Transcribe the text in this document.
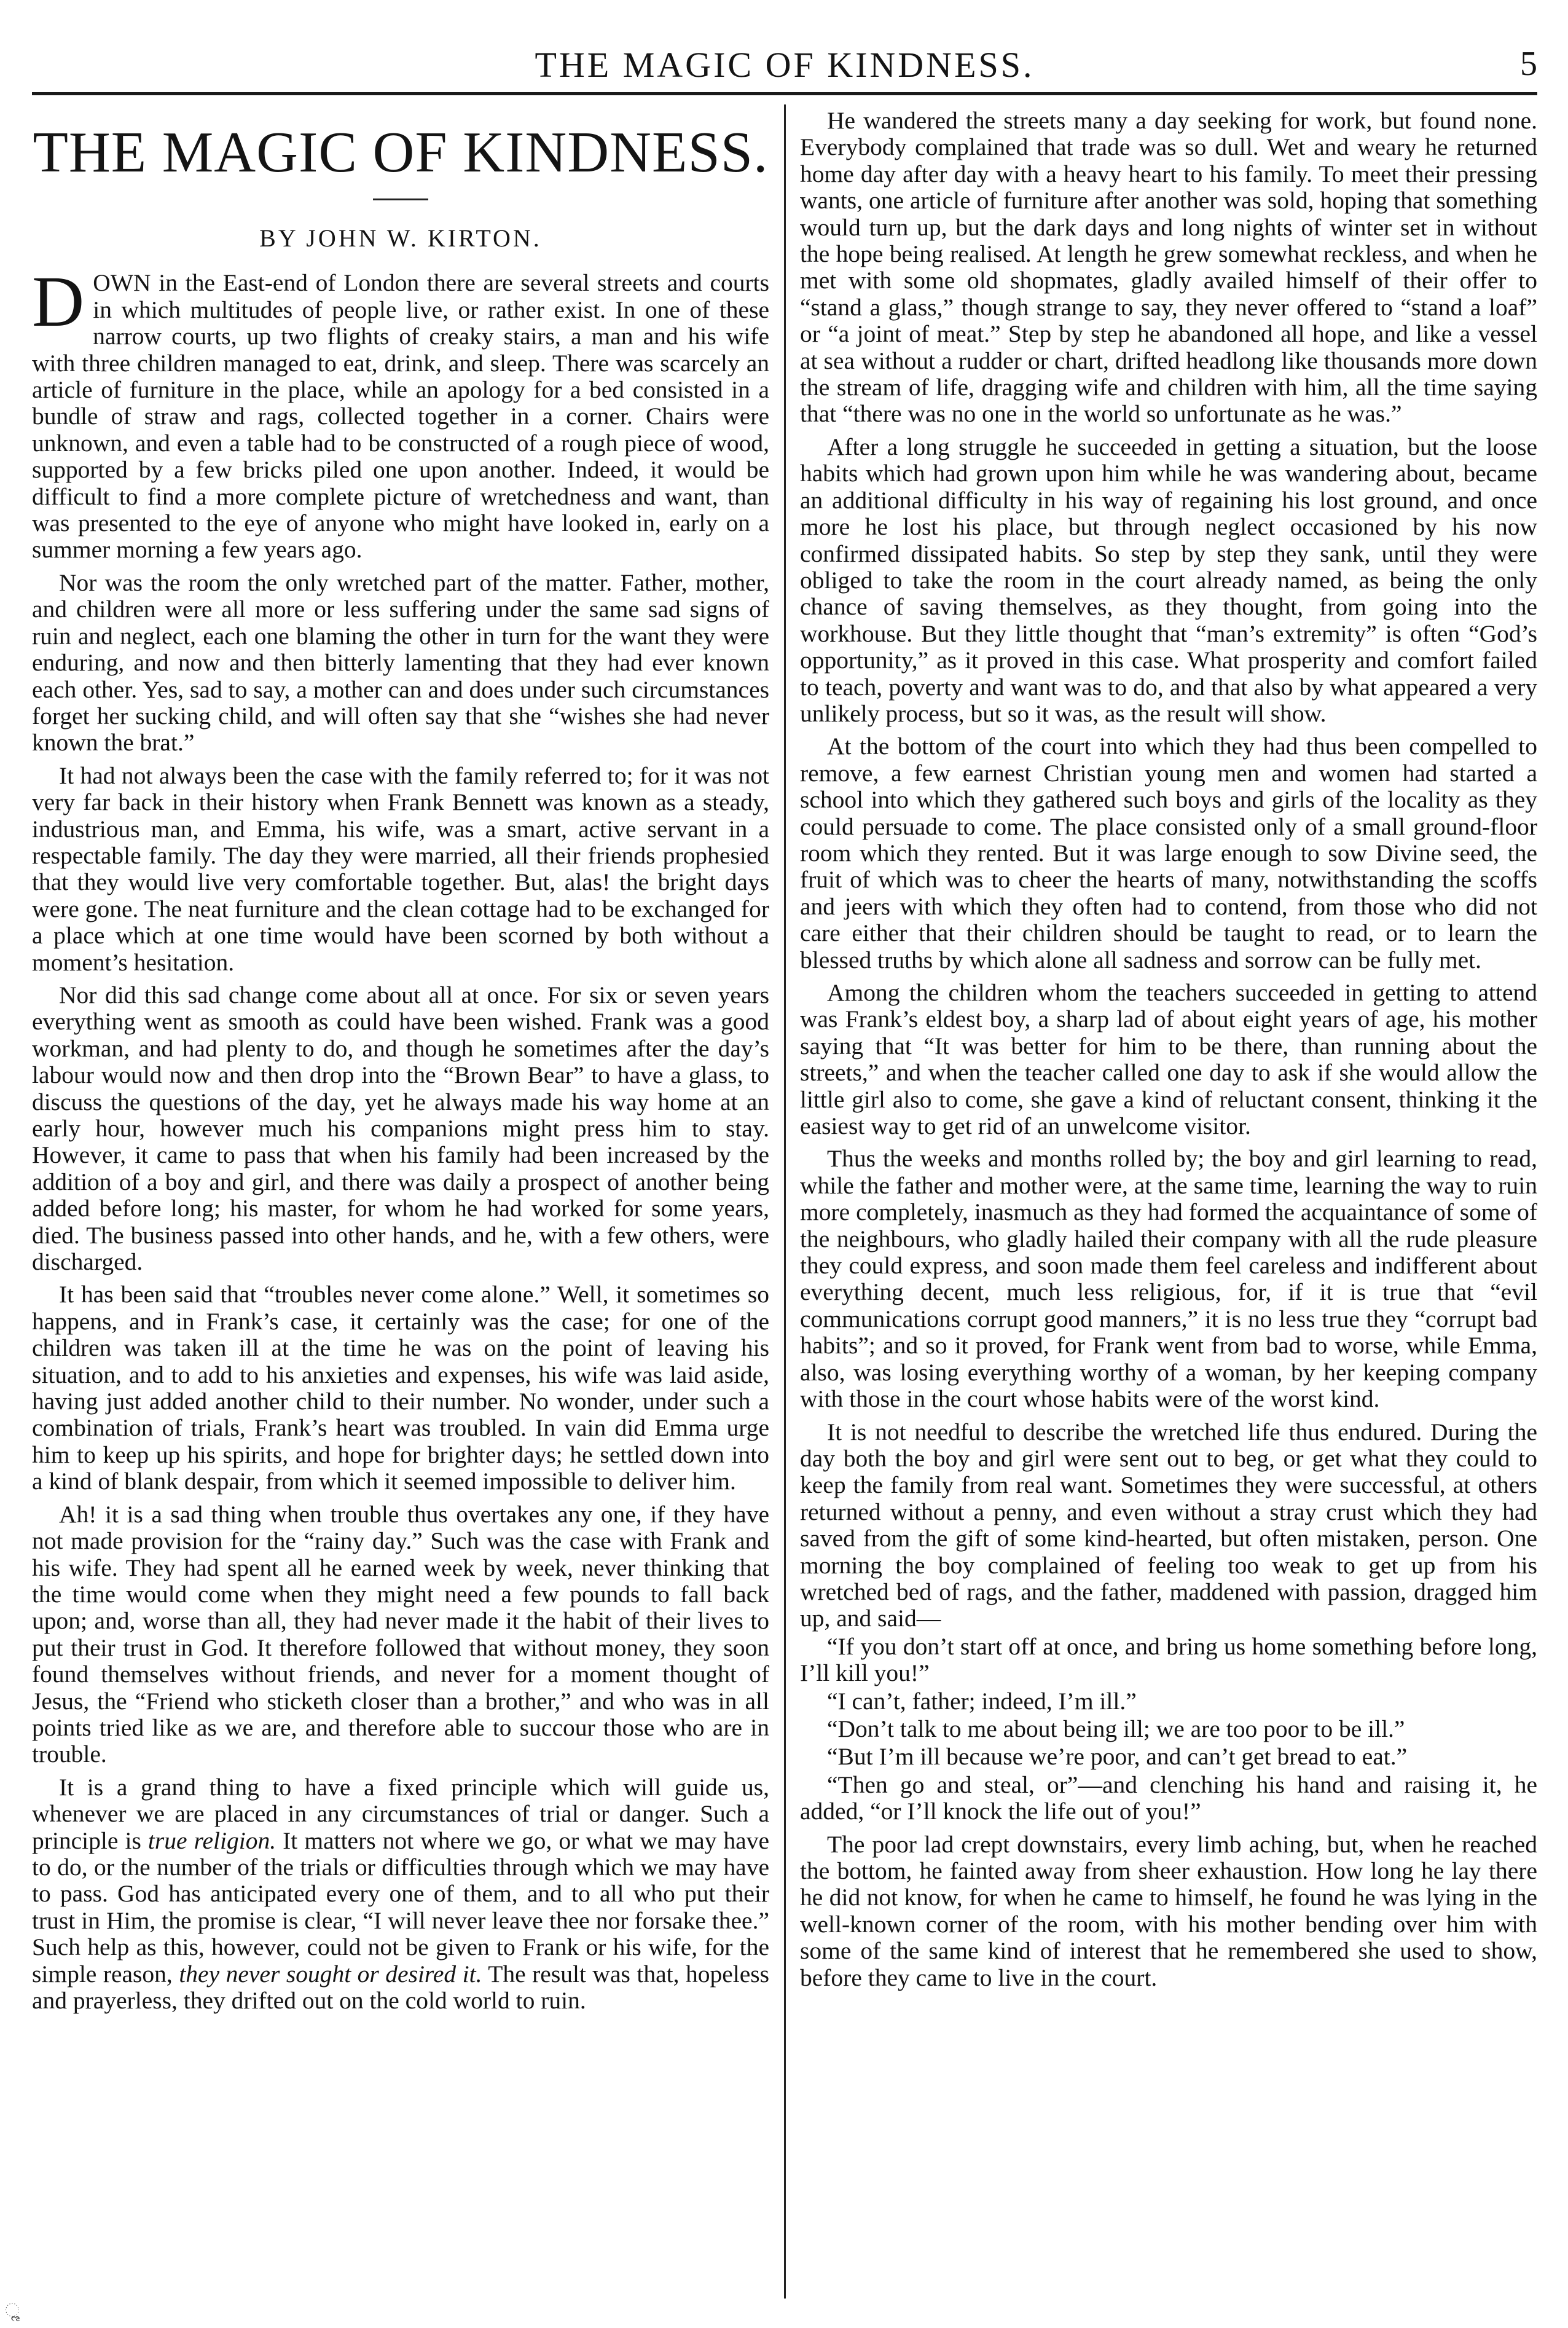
THE MAGIC OF KINDNESS.	5
THE MAGIC OF KINDNESS.
BY JOHN W. KIRTON.

DOWN in the East-end of London there are several streets and courts in which multitudes of people live, or rather exist. In one of these narrow courts, up two flights of creaky stairs, a man and his wife with three children managed to eat, drink, and sleep. There was scarcely an article of furniture in the place, while an apology for a bed consisted in a bundle of straw and rags, collected together in a corner. Chairs were unknown, and even a table had to be constructed of a rough piece of wood, supported by a few bricks piled one upon another. Indeed, it would be difficult to find a more complete picture of wretchedness and want, than was presented to the eye of anyone who might have looked in, early on a summer morning a few years ago.

Nor was the room the only wretched part of the matter. Father, mother, and children were all more or less suffering under the same sad signs of ruin and neglect, each one blaming the other in turn for the want they were enduring, and now and then bitterly lamenting that they had ever known each other. Yes, sad to say, a mother can and does under such circumstances forget her sucking child, and will often say that she “wishes she had never known the brat.”

It had not always been the case with the family referred to; for it was not very far back in their history when Frank Bennett was known as a steady, industrious man, and Emma, his wife, was a smart, active servant in a respectable family. The day they were married, all their friends prophesied that they would live very comfortable together. But, alas! the bright days were gone. The neat furniture and the clean cottage had to be exchanged for a place which at one time would have been scorned by both without a moment’s hesitation.

Nor did this sad change come about all at once. For six or seven years everything went as smooth as could have been wished. Frank was a good workman, and had plenty to do, and though he sometimes after the day’s labour would now and then drop into the “Brown Bear” to have a glass, to discuss the questions of the day, yet he always made his way home at an early hour, however much his companions might press him to stay. However, it came to pass that when his family had been increased by the addition of a boy and girl, and there was daily a prospect of another being added before long; his master, for whom he had worked for some years, died. The business passed into other hands, and he, with a few others, were discharged.

It has been said that “troubles never come alone.” Well, it sometimes so happens, and in Frank’s case, it certainly was the case; for one of the children was taken ill at the time he was on the point of leaving his situation, and to add to his anxieties and expenses, his wife was laid aside, having just added another child to their number. No wonder, under such a combination of trials, Frank’s heart was troubled. In vain did Emma urge him to keep up his spirits, and hope for brighter days; he settled down into a kind of blank despair, from which it seemed impossible to deliver him.

Ah! it is a sad thing when trouble thus overtakes any one, if they have not made provision for the “rainy day.” Such was the case with Frank and his wife. They had spent all he earned week by week, never thinking that the time would come when they might need a few pounds to fall back upon; and, worse than all, they had never made it the habit of their lives to put their trust in God. It therefore followed that without money, they soon found themselves without friends, and never for a moment thought of Jesus, the “Friend who sticketh closer than a brother,” and who was in all points tried like as we are, and therefore able to succour those who are in trouble.

It is a grand thing to have a fixed principle which will guide us, whenever we are placed in any circumstances of trial or danger. Such a principle is true religion. It matters not where we go, or what we may have to do, or the number of the trials or difficulties through which we may have to pass. God has anticipated every one of them, and to all who put their trust in Him, the promise is clear, “I will never leave thee nor forsake thee.” Such help as this, however, could not be given to Frank or his wife, for the simple reason, they never sought or desired it. The result was that, hopeless and prayerless, they drifted out on the cold world to ruin.

He wandered the streets many a day seeking for work, but found none. Everybody complained that trade was so dull. Wet and weary he returned home day after day with a heavy heart to his family. To meet their pressing wants, one article of furniture after another was sold, hoping that something would turn up, but the dark days and long nights of winter set in without the hope being realised. At length he grew somewhat reckless, and when he met with some old shopmates, gladly availed himself of their offer to “stand a glass,” though strange to say, they never offered to “stand a loaf” or “a joint of meat.” Step by step he abandoned all hope, and like a vessel at sea without a rudder or chart, drifted headlong like thousands more down the stream of life, dragging wife and children with him, all the time saying that “there was no one in the world so unfortunate as he was.”

After a long struggle he succeeded in getting a situation, but the loose habits which had grown upon him while he was wandering about, became an additional difficulty in his way of regaining his lost ground, and once more he lost his place, but through neglect occasioned by his now confirmed dissipated habits. So step by step they sank, until they were obliged to take the room in the court already named, as being the only chance of saving themselves, as they thought, from going into the workhouse. But they little thought that “man’s extremity” is often “God’s opportunity,” as it proved in this case. What prosperity and comfort failed to teach, poverty and want was to do, and that also by what appeared a very unlikely process, but so it was, as the result will show.

At the bottom of the court into which they had thus been compelled to remove, a few earnest Christian young men and women had started a school into which they gathered such boys and girls of the locality as they could persuade to come. The place consisted only of a small ground-floor room which they rented. But it was large enough to sow Divine seed, the fruit of which was to cheer the hearts of many, notwithstanding the scoffs and jeers with which they often had to contend, from those who did not care either that their children should be taught to read, or to learn the blessed truths by which alone all sadness and sorrow can be fully met.

Among the children whom the teachers succeeded in getting to attend was Frank’s eldest boy, a sharp lad of about eight years of age, his mother saying that “It was better for him to be there, than running about the streets,” and when the teacher called one day to ask if she would allow the little girl also to come, she gave a kind of reluctant consent, thinking it the easiest way to get rid of an unwelcome visitor.

Thus the weeks and months rolled by; the boy and girl learning to read, while the father and mother were, at the same time, learning the way to ruin more completely, inasmuch as they had formed the acquaintance of some of the neighbours, who gladly hailed their company with all the rude pleasure they could express, and soon made them feel careless and indifferent about everything decent, much less religious, for, if it is true that “evil communications corrupt good manners,” it is no less true they “corrupt bad habits”; and so it proved, for Frank went from bad to worse, while Emma, also, was losing everything worthy of a woman, by her keeping company with those in the court whose habits were of the worst kind.

It is not needful to describe the wretched life thus endured. During the day both the boy and girl were sent out to beg, or get what they could to keep the family from real want. Sometimes they were successful, at others returned without a penny, and even without a stray crust which they had saved from the gift of some kind-hearted, but often mistaken, person. One morning the boy complained of feeling too weak to get up from his wretched bed of rags, and the father, maddened with passion, dragged him up, and said—

“If you don’t start off at once, and bring us home something before long, I’ll kill you!”

“I can’t, father; indeed, I’m ill.”

“Don’t talk to me about being ill; we are too poor to be ill.”

“But I’m ill because we’re poor, and can’t get bread to eat.”

“Then go and steal, or”—and clenching his hand and raising it, he added, “or I’ll knock the life out of you!”

The poor lad crept downstairs, every limb aching, but, when he reached the bottom, he fainted away from sheer exhaustion. How long he lay there he did not know, for when he came to himself, he found he was lying in the well-known corner of the room, with his mother bending over him with some of the same kind of interest that he remembered she used to show, before they came to live in the court.

ૢ
